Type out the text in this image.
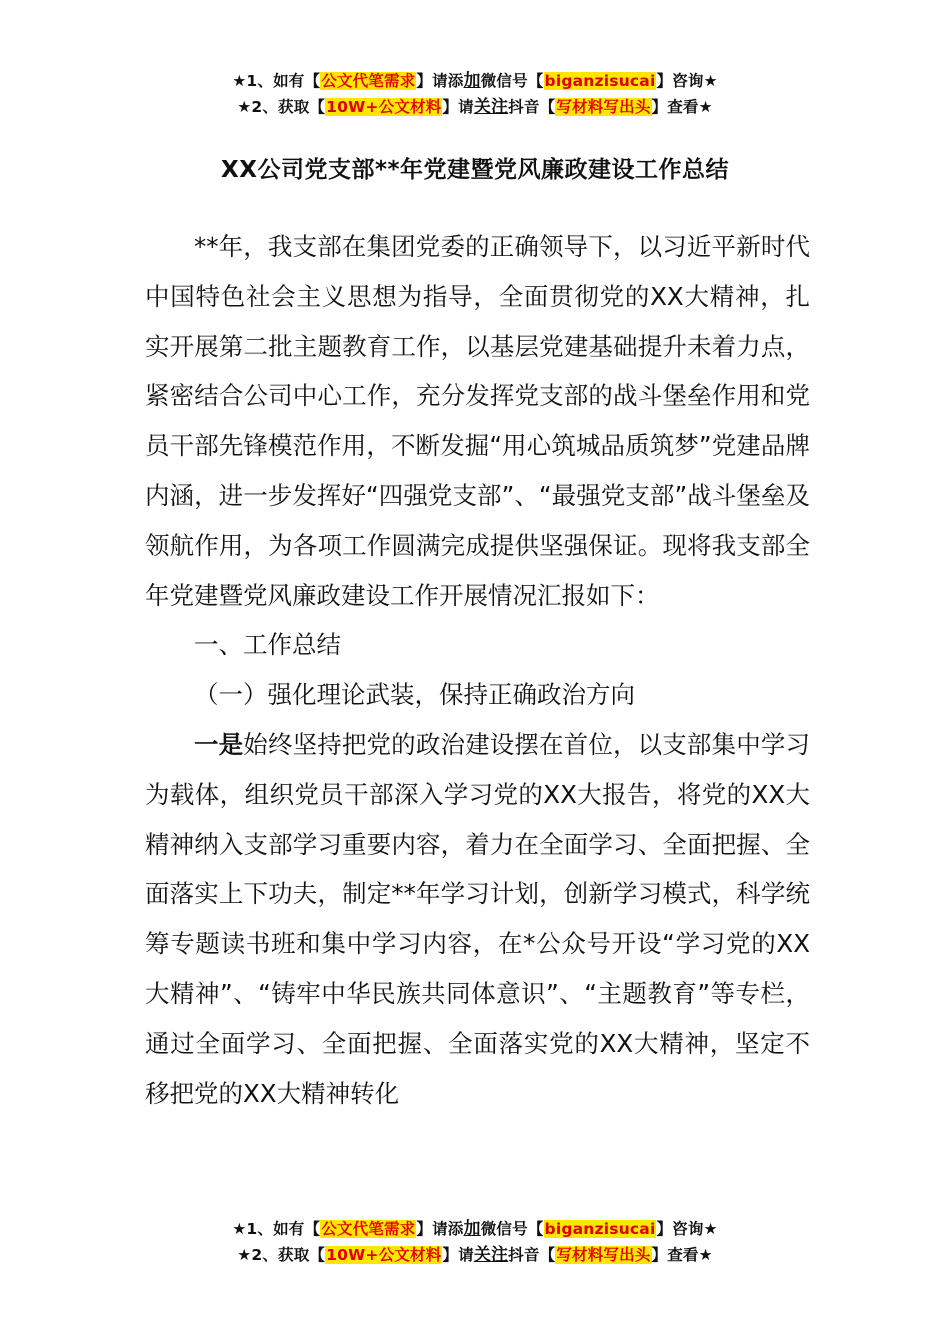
★1、如有【公文代笔需求】请添加微信号【biganzisucai】咨询★
★2、获取【10W+公文材料】请关注抖音【写材料写出头】查看★
XX公司党支部**年党建暨党风廉政建设工作总结

**年，我支部在集团党委的正确领导下，以习近平新时代中国特色社会主义思想为指导，全面贯彻党的XX大精神，扎实开展第二批主题教育工作，以基层党建基础提升未着力点，紧密结合公司中心工作，充分发挥党支部的战斗堡垒作用和党员干部先锋模范作用，不断发掘“用心筑城品质筑梦”党建品牌内涵，进一步发挥好“四强党支部”、“最强党支部”战斗堡垒及领航作用，为各项工作圆满完成提供坚强保证。现将我支部全年党建暨党风廉政建设工作开展情况汇报如下：

一、工作总结

（一）强化理论武装，保持正确政治方向

一是始终坚持把党的政治建设摆在首位，以支部集中学习为载体，组织党员干部深入学习党的XX大报告，将党的XX大精神纳入支部学习重要内容，着力在全面学习、全面把握、全面落实上下功夫，制定**年学习计划，创新学习模式，科学统筹专题读书班和集中学习内容，在*公众号开设“学习党的XX大精神”、“铸牢中华民族共同体意识”、“主题教育”等专栏，通过全面学习、全面把握、全面落实党的XX大精神，坚定不移把党的XX大精神转化

★1、如有【公文代笔需求】请添加微信号【biganzisucai】咨询★
★2、获取【10W+公文材料】请关注抖音【写材料写出头】查看★
